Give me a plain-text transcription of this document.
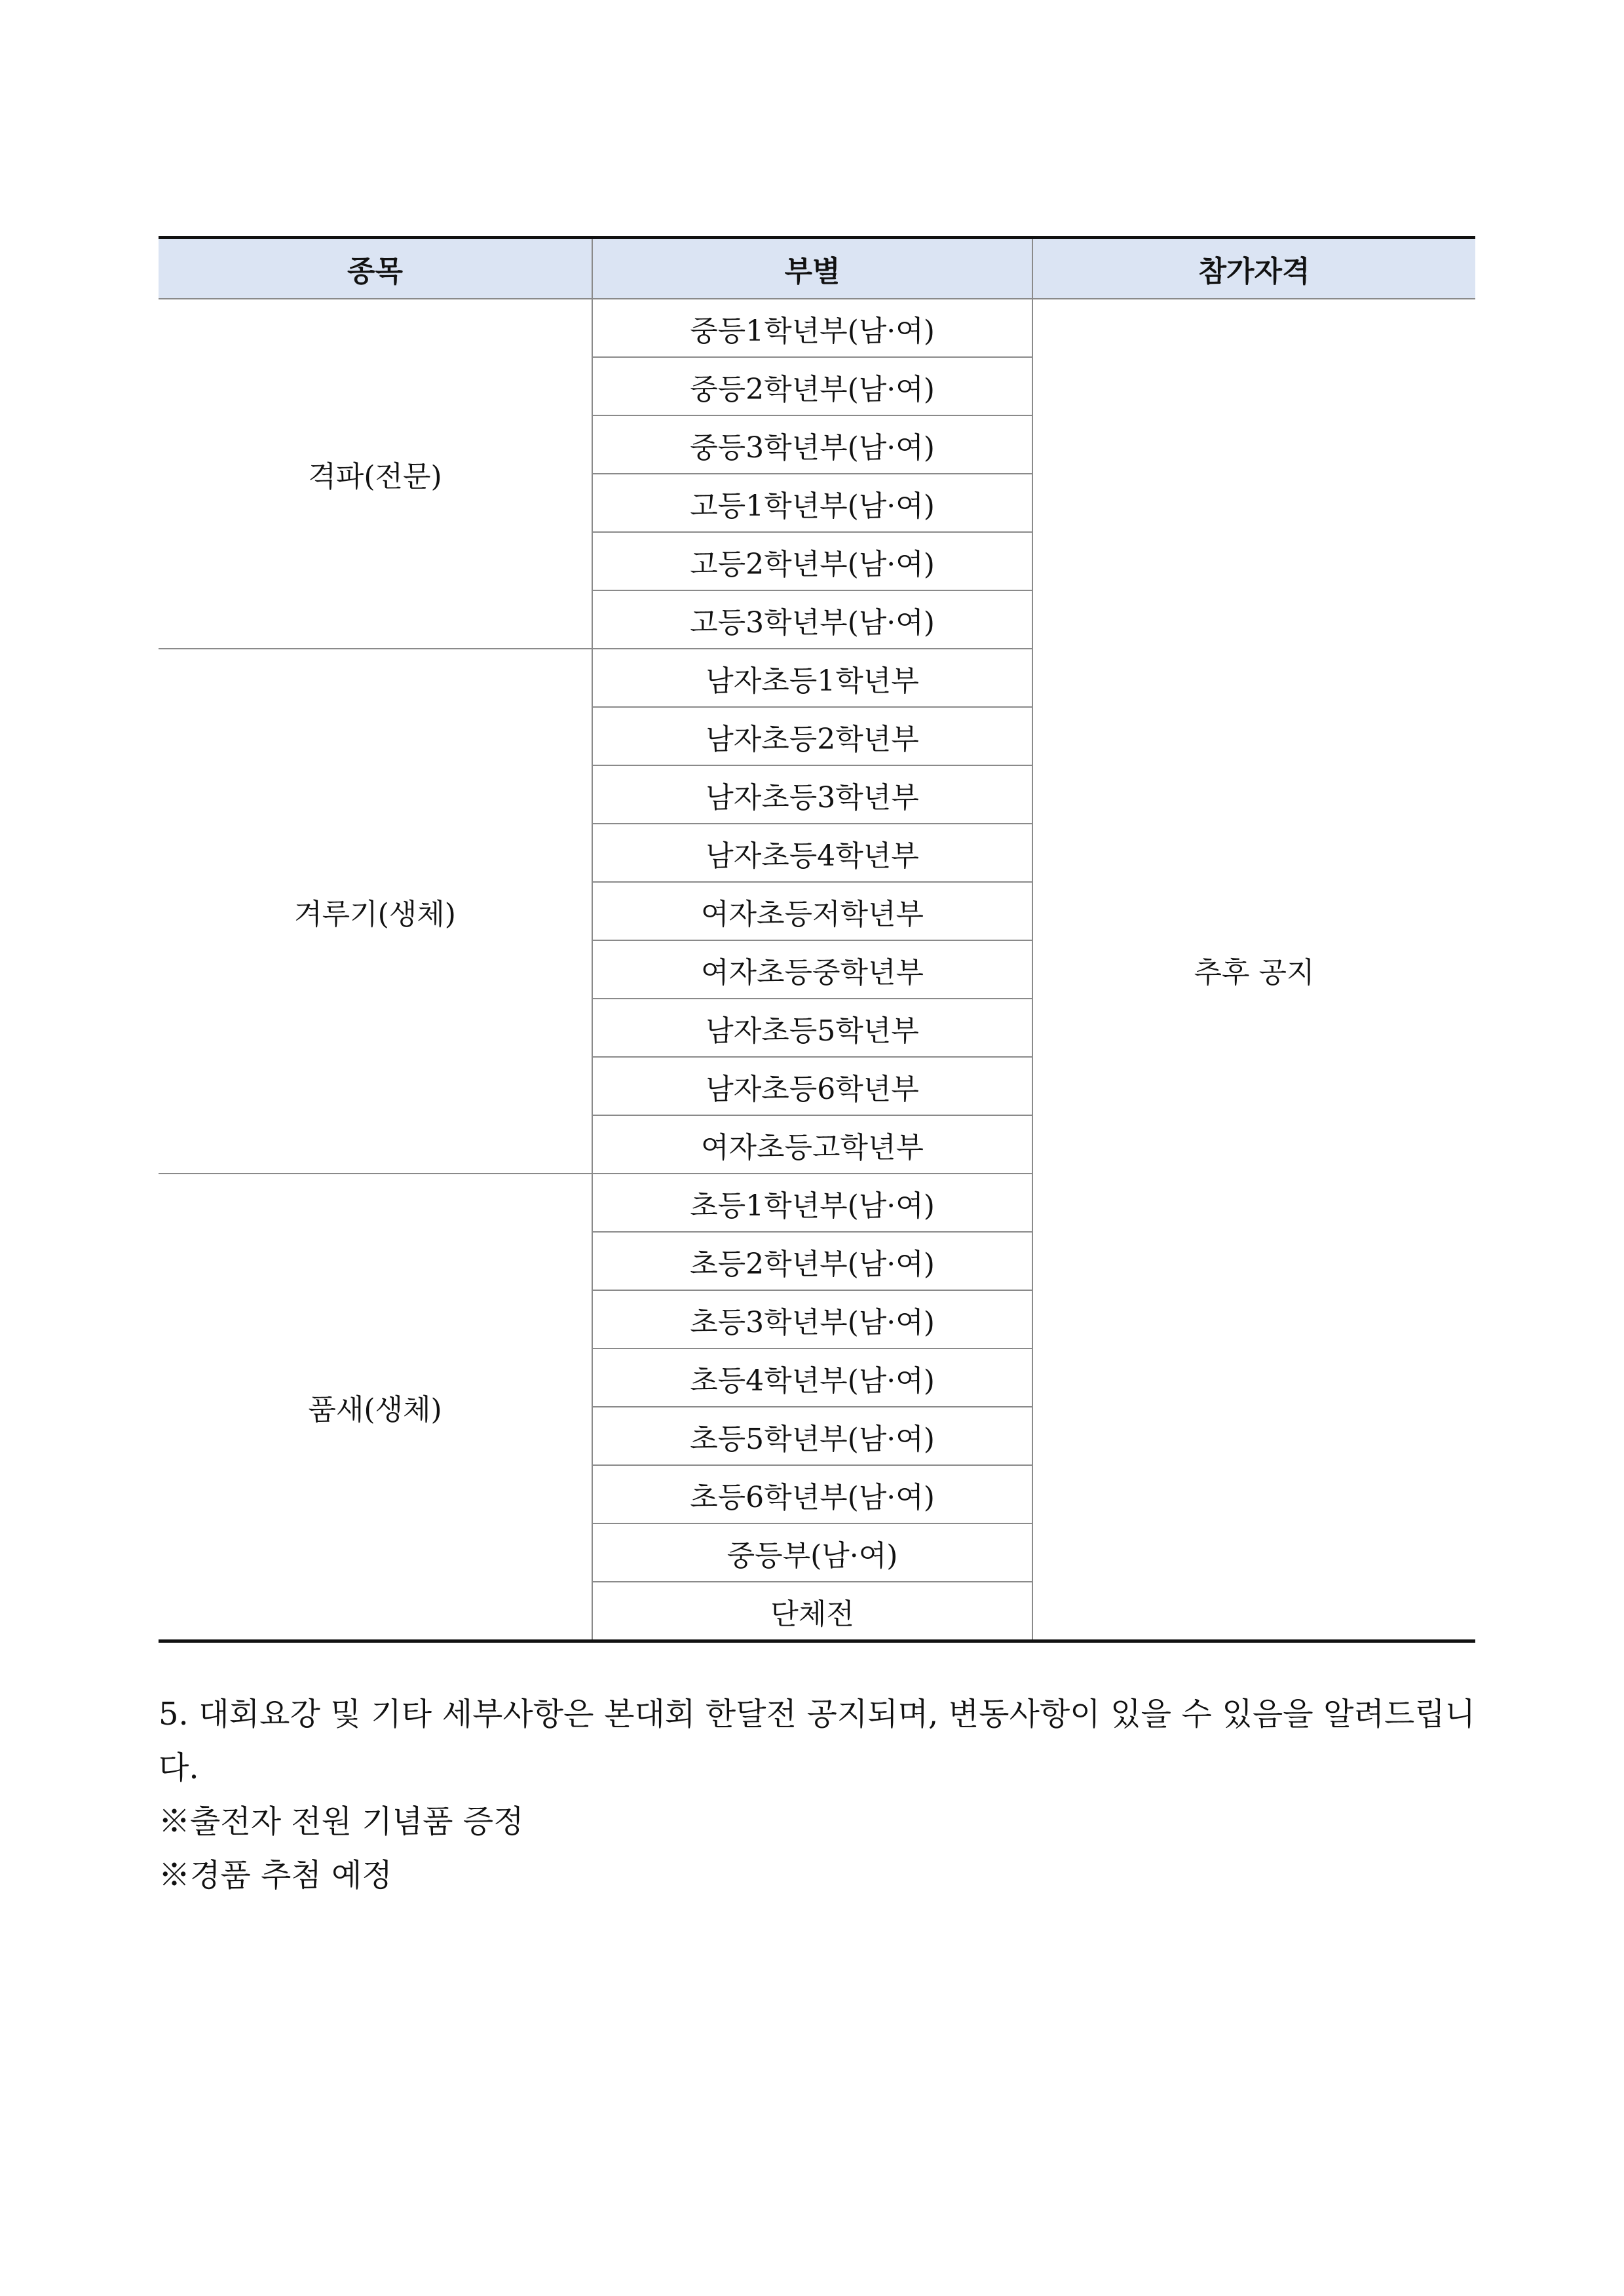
종목	부별	참가자격
격파(전문)	중등1학년부(남·여)	추후 공지
	중등2학년부(남·여)	
	중등3학년부(남·여)	
	고등1학년부(남·여)	
	고등2학년부(남·여)	
	고등3학년부(남·여)	
겨루기(생체)	남자초등1학년부	
	남자초등2학년부	
	남자초등3학년부	
	남자초등4학년부	
	여자초등저학년부	
	여자초등중학년부	
	남자초등5학년부	
	남자초등6학년부	
	여자초등고학년부	
품새(생체)	초등1학년부(남·여)	
	초등2학년부(남·여)	
	초등3학년부(남·여)	
	초등4학년부(남·여)	
	초등5학년부(남·여)	
	초등6학년부(남·여)	
	중등부(남·여)	
	단체전	

5. 대회요강 및 기타 세부사항은 본대회 한달전 공지되며, 변동사항이 있을 수 있음을 알려드립니다.

※출전자 전원 기념품 증정

※경품 추첨 예정
